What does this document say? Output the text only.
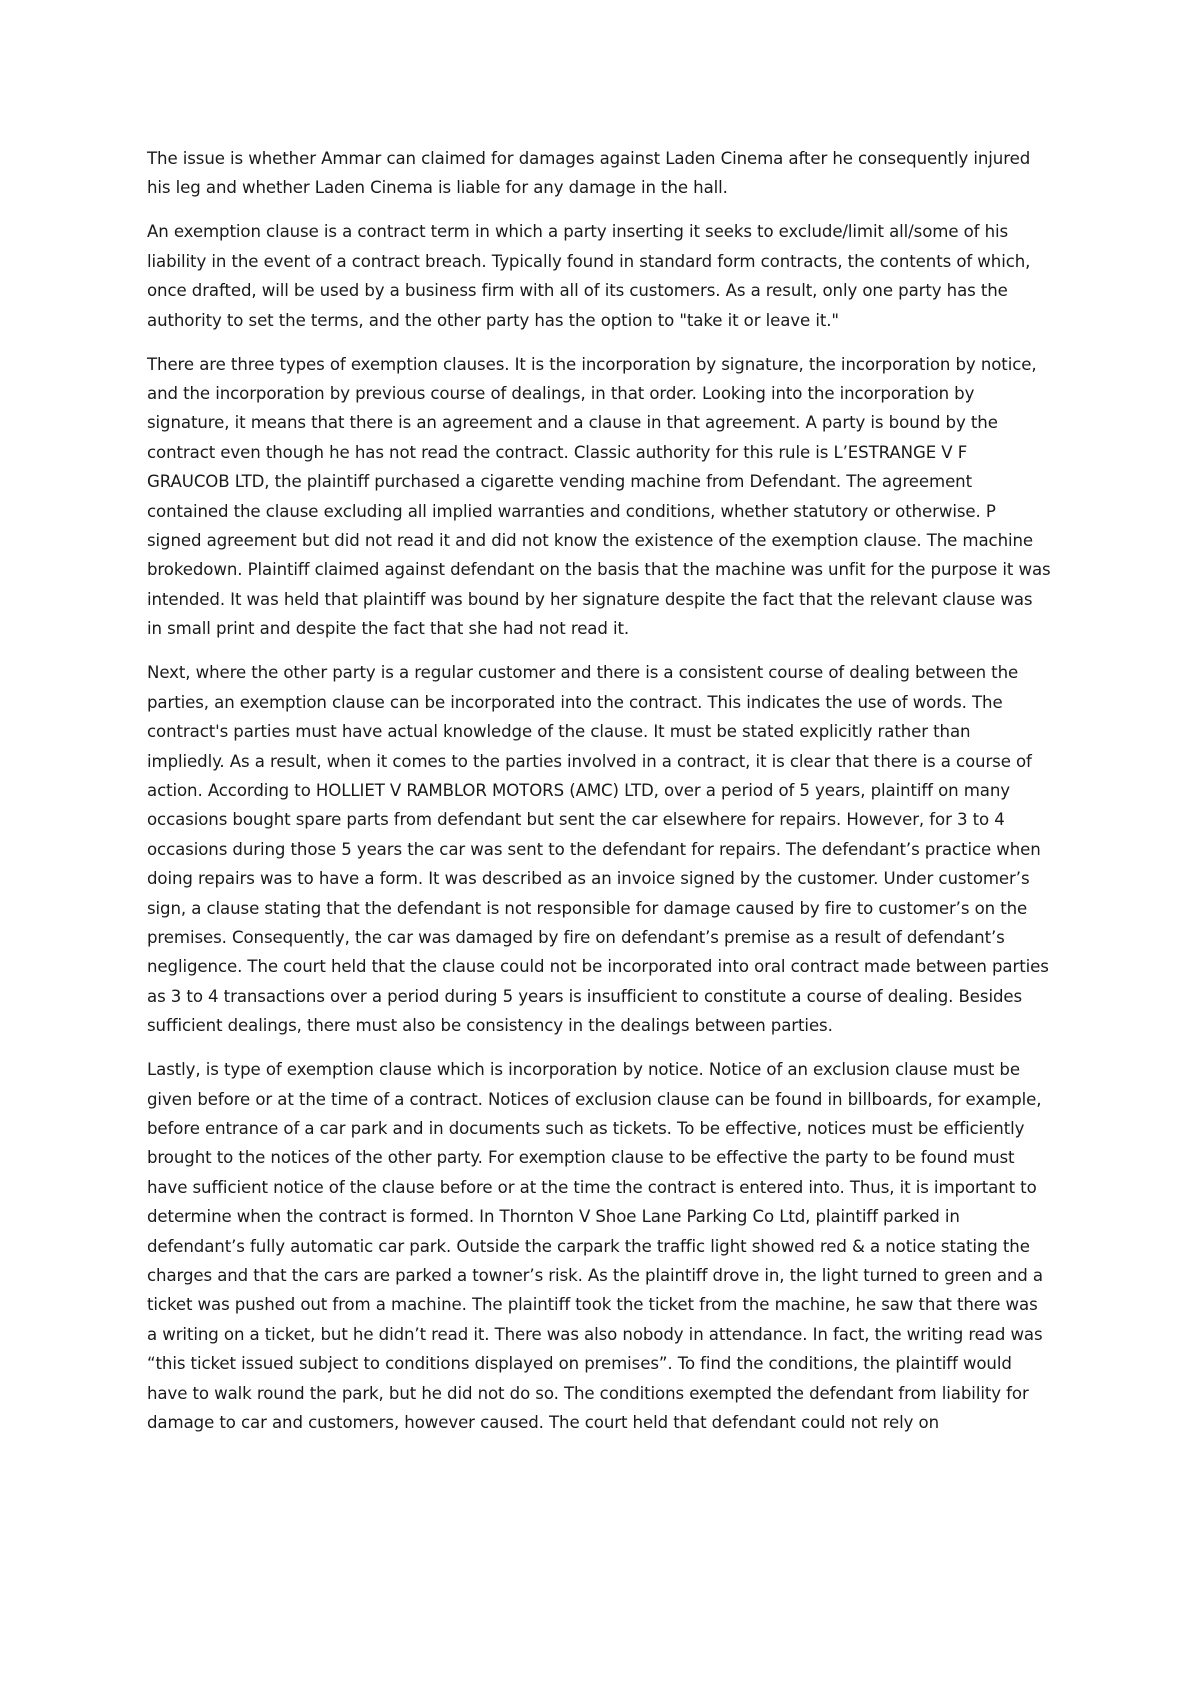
The issue is whether Ammar can claimed for damages against Laden Cinema after he consequently injured his leg and whether Laden Cinema is liable for any damage in the hall.

An exemption clause is a contract term in which a party inserting it seeks to exclude/limit all/some of his liability in the event of a contract breach. Typically found in standard form contracts, the contents of which, once drafted, will be used by a business firm with all of its customers. As a result, only one party has the authority to set the terms, and the other party has the option to "take it or leave it."

There are three types of exemption clauses. It is the incorporation by signature, the incorporation by notice, and the incorporation by previous course of dealings, in that order. Looking into the incorporation by signature, it means that there is an agreement and a clause in that agreement. A party is bound by the contract even though he has not read the contract. Classic authority for this rule is L’ESTRANGE V F GRAUCOB LTD, the plaintiff purchased a cigarette vending machine from Defendant. The agreement contained the clause excluding all implied warranties and conditions, whether statutory or otherwise. P signed agreement but did not read it and did not know the existence of the exemption clause. The machine brokedown. Plaintiff claimed against defendant on the basis that the machine was unfit for the purpose it was intended. It was held that plaintiff was bound by her signature despite the fact that the relevant clause was in small print and despite the fact that she had not read it.

Next, where the other party is a regular customer and there is a consistent course of dealing between the parties, an exemption clause can be incorporated into the contract. This indicates the use of words. The contract's parties must have actual knowledge of the clause. It must be stated explicitly rather than impliedly. As a result, when it comes to the parties involved in a contract, it is clear that there is a course of action. According to HOLLIET V RAMBLOR MOTORS (AMC) LTD, over a period of 5 years, plaintiff on many occasions bought spare parts from defendant but sent the car elsewhere for repairs. However, for 3 to 4 occasions during those 5 years the car was sent to the defendant for repairs. The defendant’s practice when doing repairs was to have a form. It was described as an invoice signed by the customer. Under customer’s sign, a clause stating that the defendant is not responsible for damage caused by fire to customer’s on the premises. Consequently, the car was damaged by fire on defendant’s premise as a result of defendant’s negligence. The court held that the clause could not be incorporated into oral contract made between parties as 3 to 4 transactions over a period during 5 years is insufficient to constitute a course of dealing. Besides sufficient dealings, there must also be consistency in the dealings between parties.

Lastly, is type of exemption clause which is incorporation by notice. Notice of an exclusion clause must be given before or at the time of a contract. Notices of exclusion clause can be found in billboards, for example, before entrance of a car park and in documents such as tickets. To be effective, notices must be efficiently brought to the notices of the other party. For exemption clause to be effective the party to be found must have sufficient notice of the clause before or at the time the contract is entered into. Thus, it is important to determine when the contract is formed. In Thornton V Shoe Lane Parking Co Ltd, plaintiff parked in defendant’s fully automatic car park. Outside the carpark the traffic light showed red & a notice stating the charges and that the cars are parked a towner’s risk. As the plaintiff drove in, the light turned to green and a ticket was pushed out from a machine. The plaintiff took the ticket from the machine, he saw that there was a writing on a ticket, but he didn’t read it. There was also nobody in attendance. In fact, the writing read was “this ticket issued subject to conditions displayed on premises”. To find the conditions, the plaintiff would have to walk round the park, but he did not do so. The conditions exempted the defendant from liability for damage to car and customers, however caused. The court held that defendant could not rely on
